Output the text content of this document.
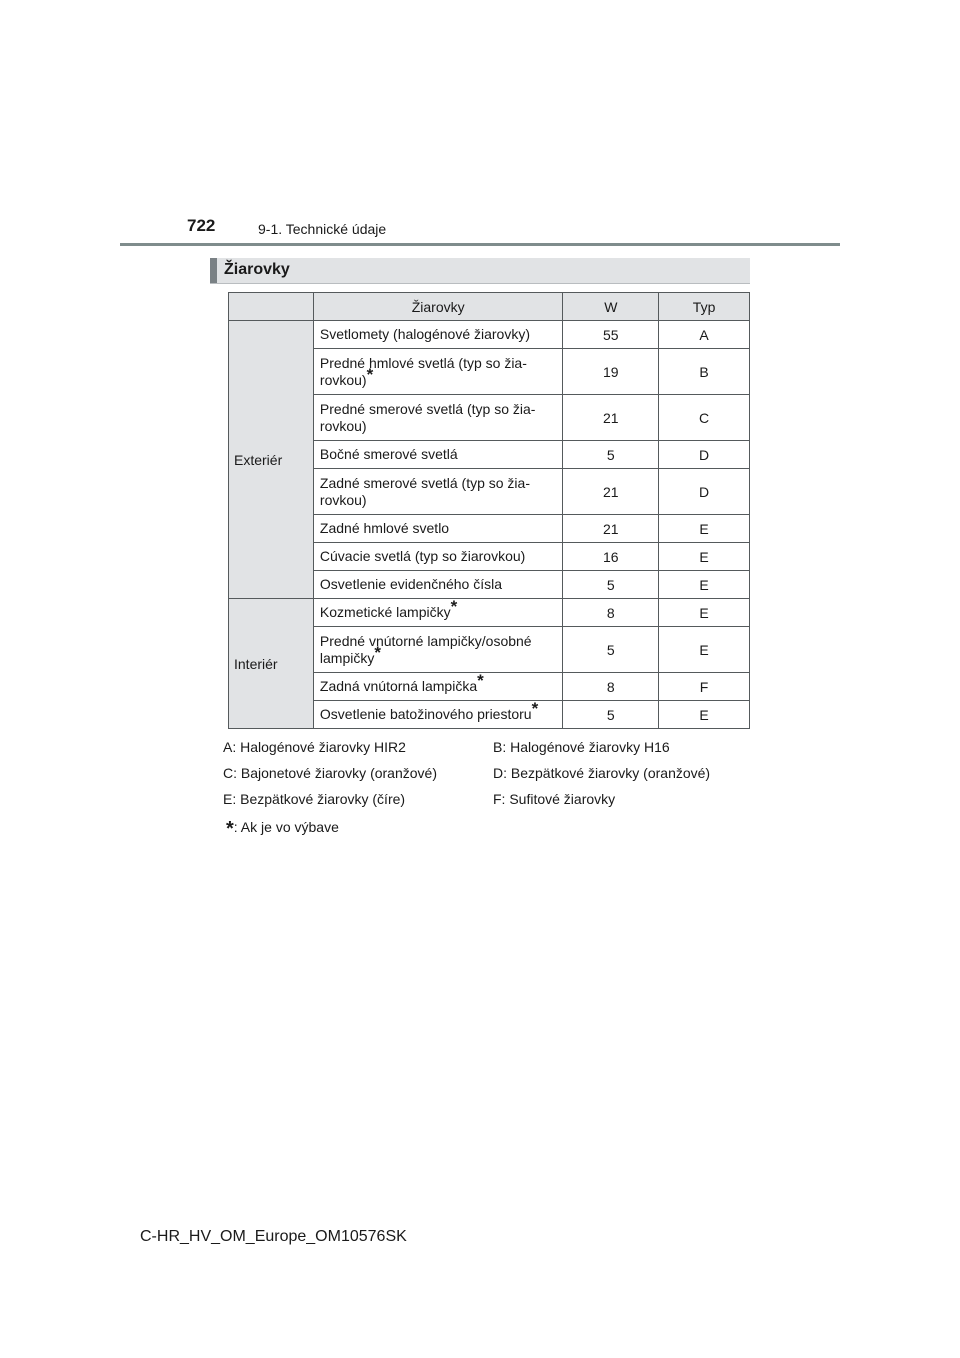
722	9-1. Technické údaje
Žiarovky
	Žiarovky	W	Typ
Exteriér	Svetlomety (halogénové žiarovky)	55	A
	Predné hmlové svetlá (typ so žia-
rovkou)*	19	B
	Predné smerové svetlá (typ so žia-
rovkou)	21	C
	Bočné smerové svetlá	5	D
	Zadné smerové svetlá (typ so žia-
rovkou)	21	D
	Zadné hmlové svetlo	21	E
	Cúvacie svetlá (typ so žiarovkou)	16	E
	Osvetlenie evidenčného čísla	5	E
Interiér	Kozmetické lampičky*	8	E
	Predné vnútorné lampičky/osobné
lampičky*	5	E
	Zadná vnútorná lampička*	8	F
	Osvetlenie batožinového priestoru*	5	E
A: Halogénové žiarovky HIR2	B: Halogénové žiarovky H16
C: Bajonetové žiarovky (oranžové)	D: Bezpätkové žiarovky (oranžové)
E: Bezpätkové žiarovky (číre)	F: Sufitové žiarovky
*: Ak je vo výbave
C-HR_HV_OM_Europe_OM10576SK
